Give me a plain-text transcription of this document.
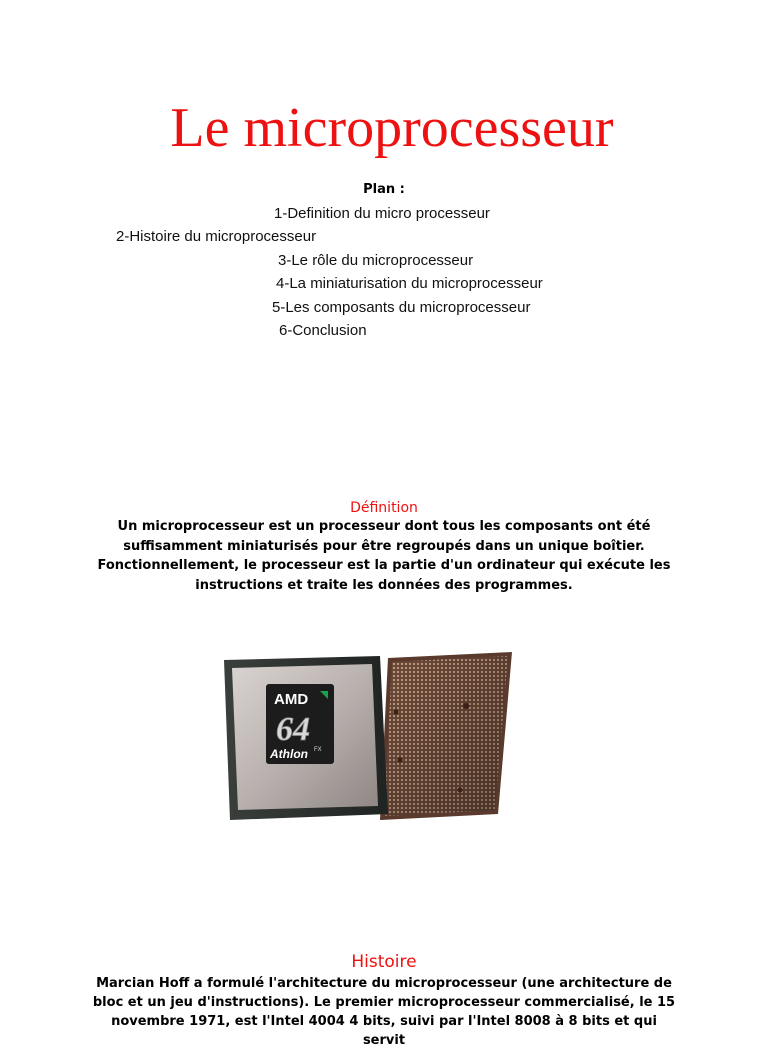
Le microprocesseur
Plan :
1-Definition du micro processeur
2-Histoire du microprocesseur
3-Le rôle du microprocesseur
4-La miniaturisation du microprocesseur
5-Les composants du microprocesseur
6-Conclusion
Définition

Un microprocesseur est un processeur dont tous les composants ont été suffisamment miniaturisés pour être regroupés dans un unique boîtier. Fonctionnellement, le processeur est la partie d'un ordinateur qui exécute les instructions et traite les données des programmes.

AMD
64
Athlon FX
Histoire

Marcian Hoff a formulé l'architecture du microprocesseur (une architecture de bloc et un jeu d'instructions). Le premier microprocesseur commercialisé, le 15 novembre 1971, est l'Intel 4004 4 bits, suivi par l'Intel 8008 à 8 bits et qui servit
